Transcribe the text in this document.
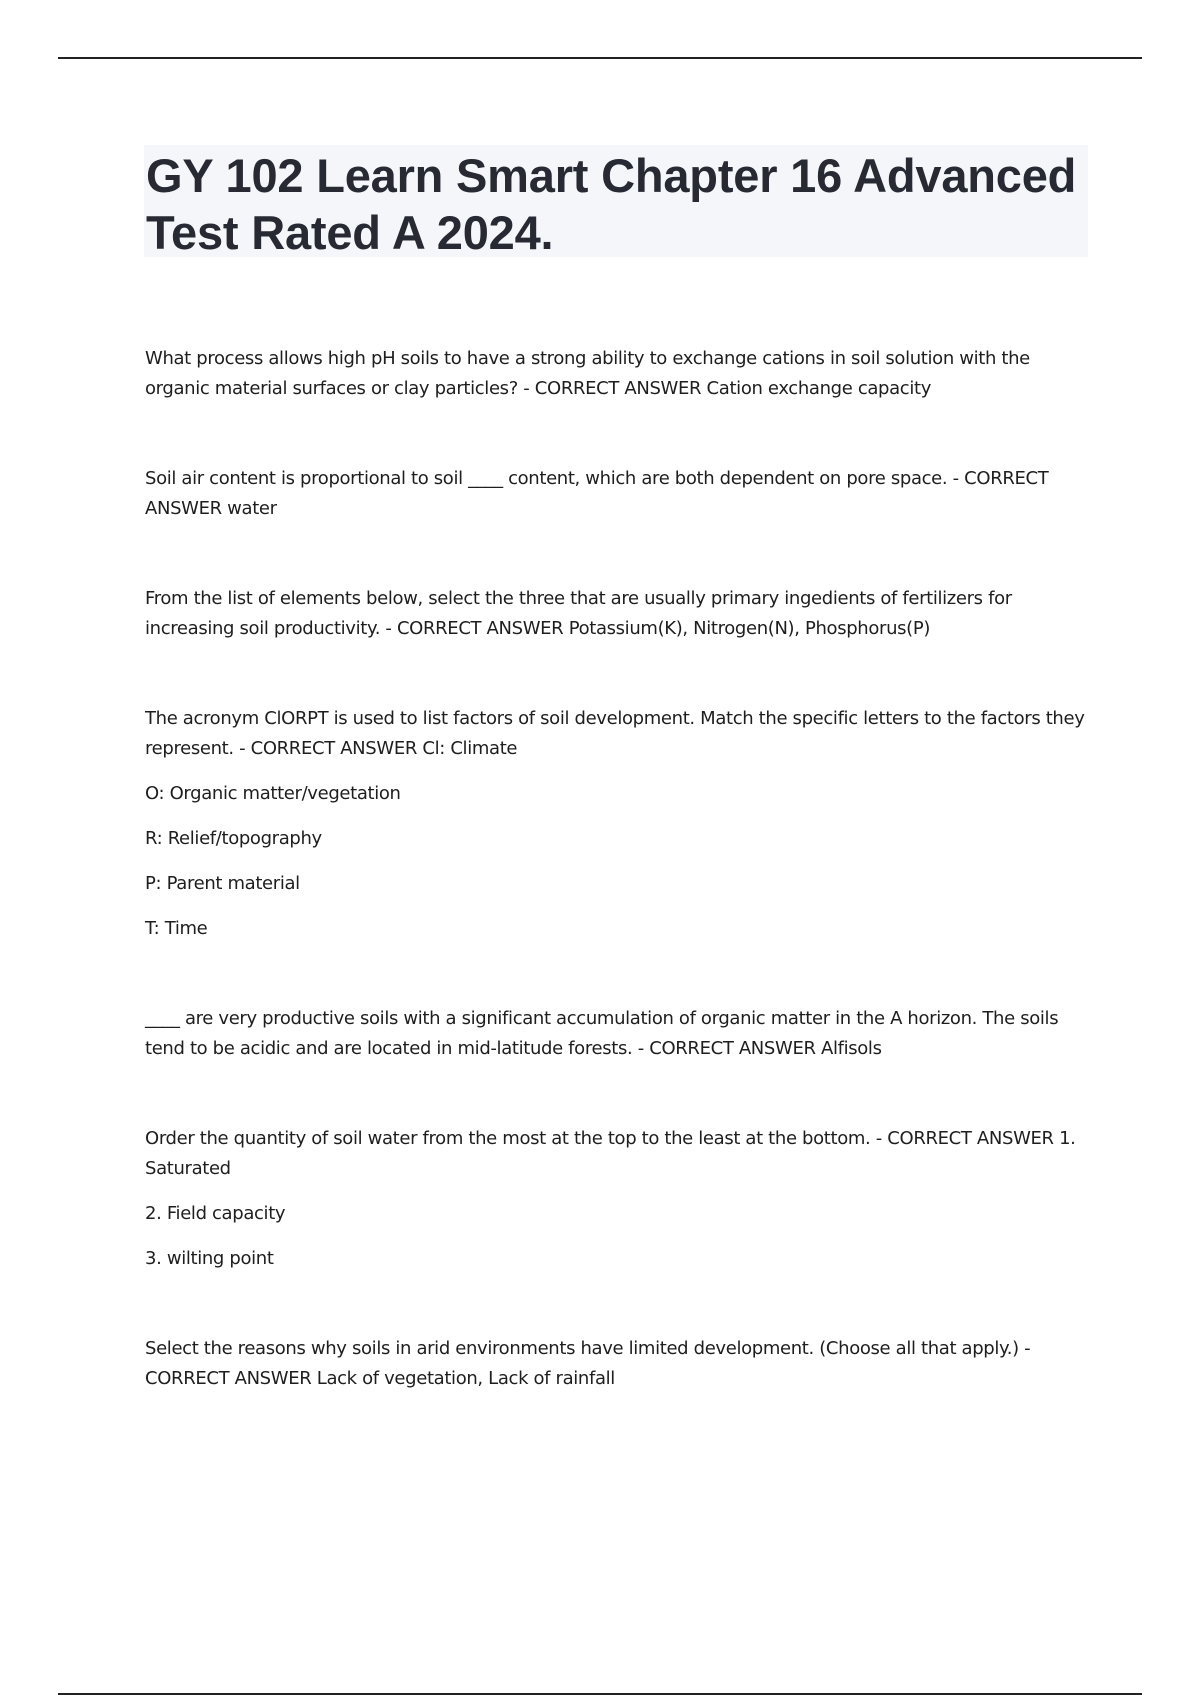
GY 102 Learn Smart Chapter 16 Advanced Test Rated A 2024.

What process allows high pH soils to have a strong ability to exchange cations in soil solution with the organic material surfaces or clay particles? - CORRECT ANSWER Cation exchange capacity

Soil air content is proportional to soil ____ content, which are both dependent on pore space. - CORRECT ANSWER water

From the list of elements below, select the three that are usually primary ingedients of fertilizers for increasing soil productivity. - CORRECT ANSWER Potassium(K), Nitrogen(N), Phosphorus(P)

The acronym ClORPT is used to list factors of soil development. Match the specific letters to the factors they represent. - CORRECT ANSWER Cl: Climate

O: Organic matter/vegetation

R: Relief/topography

P: Parent material

T: Time

____ are very productive soils with a significant accumulation of organic matter in the A horizon. The soils tend to be acidic and are located in mid-latitude forests. - CORRECT ANSWER Alfisols

Order the quantity of soil water from the most at the top to the least at the bottom. - CORRECT ANSWER 1. Saturated

2. Field capacity

3. wilting point

Select the reasons why soils in arid environments have limited development. (Choose all that apply.) - CORRECT ANSWER Lack of vegetation, Lack of rainfall
